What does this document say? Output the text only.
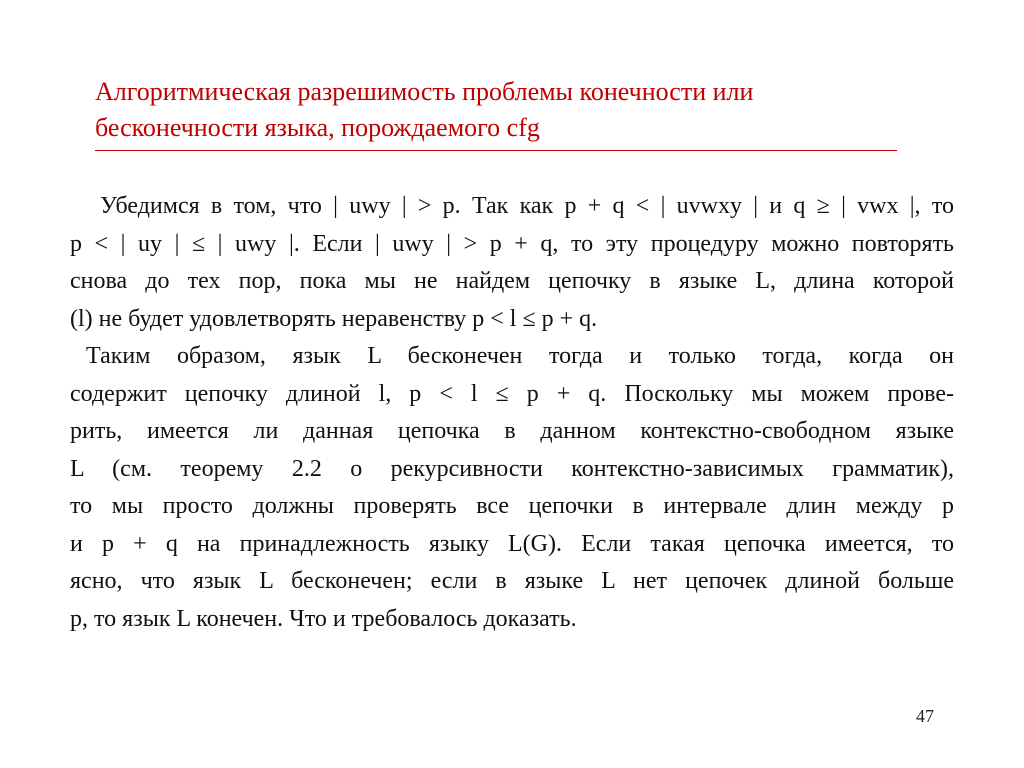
Алгоритмическая разрешимость проблемы конечности или
бесконечности языка, порождаемого cfg
Убедимся в том, что | uwy | > p. Так как p + q < | uvwxy | и q ≥ | vwx |, то
p < | uy | ≤ | uwy |. Если | uwy | > p + q, то эту процедуру можно повторять
снова до тех пор, пока мы не найдем цепочку в языке L, длина которой
(l) не будет удовлетворять неравенству p < l ≤ p + q.
Таким образом, язык L бесконечен тогда и только тогда, когда он
содержит цепочку длиной l, p < l ≤ p + q. Поскольку мы можем прове-
рить, имеется ли данная цепочка в данном контекстно-свободном языке
L (см. теорему 2.2 о рекурсивности контекстно-зависимых грамматик),
то мы просто должны проверять все цепочки в интервале длин между p
и p + q на принадлежность языку L(G). Если такая цепочка имеется, то
ясно, что язык L бесконечен; если в языке L нет цепочек длиной больше
p, то язык L конечен. Что и требовалось доказать.
47
